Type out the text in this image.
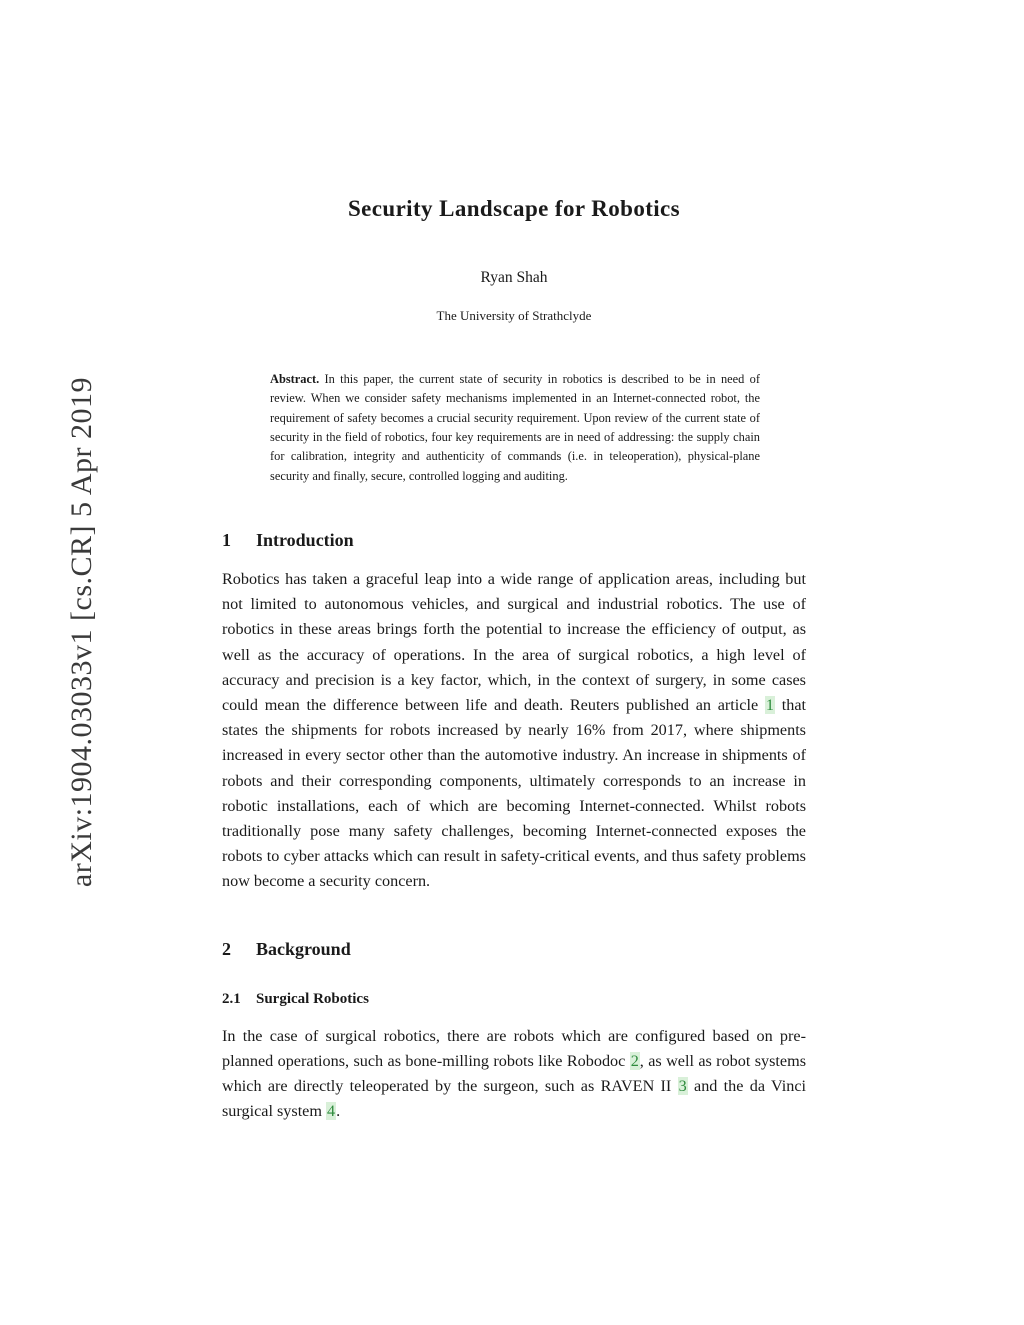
arXiv:1904.03033v1 [cs.CR] 5 Apr 2019
Security Landscape for Robotics
Ryan Shah
The University of Strathclyde
Abstract. In this paper, the current state of security in robotics is described to be in need of review. When we consider safety mechanisms implemented in an Internet-connected robot, the requirement of safety becomes a crucial security requirement. Upon review of the current state of security in the field of robotics, four key requirements are in need of addressing: the supply chain for calibration, integrity and authenticity of commands (i.e. in teleoperation), physical-plane security and finally, secure, controlled logging and auditing.
1 Introduction

Robotics has taken a graceful leap into a wide range of application areas, including but not limited to autonomous vehicles, and surgical and industrial robotics. The use of robotics in these areas brings forth the potential to increase the efficiency of output, as well as the accuracy of operations. In the area of surgical robotics, a high level of accuracy and precision is a key factor, which, in the context of surgery, in some cases could mean the difference between life and death. Reuters published an article 1 that states the shipments for robots increased by nearly 16% from 2017, where shipments increased in every sector other than the automotive industry. An increase in shipments of robots and their corresponding components, ultimately corresponds to an increase in robotic installations, each of which are becoming Internet-connected. Whilst robots traditionally pose many safety challenges, becoming Internet-connected exposes the robots to cyber attacks which can result in safety-critical events, and thus safety problems now become a security concern.

2 Background
2.1 Surgical Robotics

In the case of surgical robotics, there are robots which are configured based on pre-planned operations, such as bone-milling robots like Robodoc 2, as well as robot systems which are directly teleoperated by the surgeon, such as RAVEN II 3 and the da Vinci surgical system 4.
